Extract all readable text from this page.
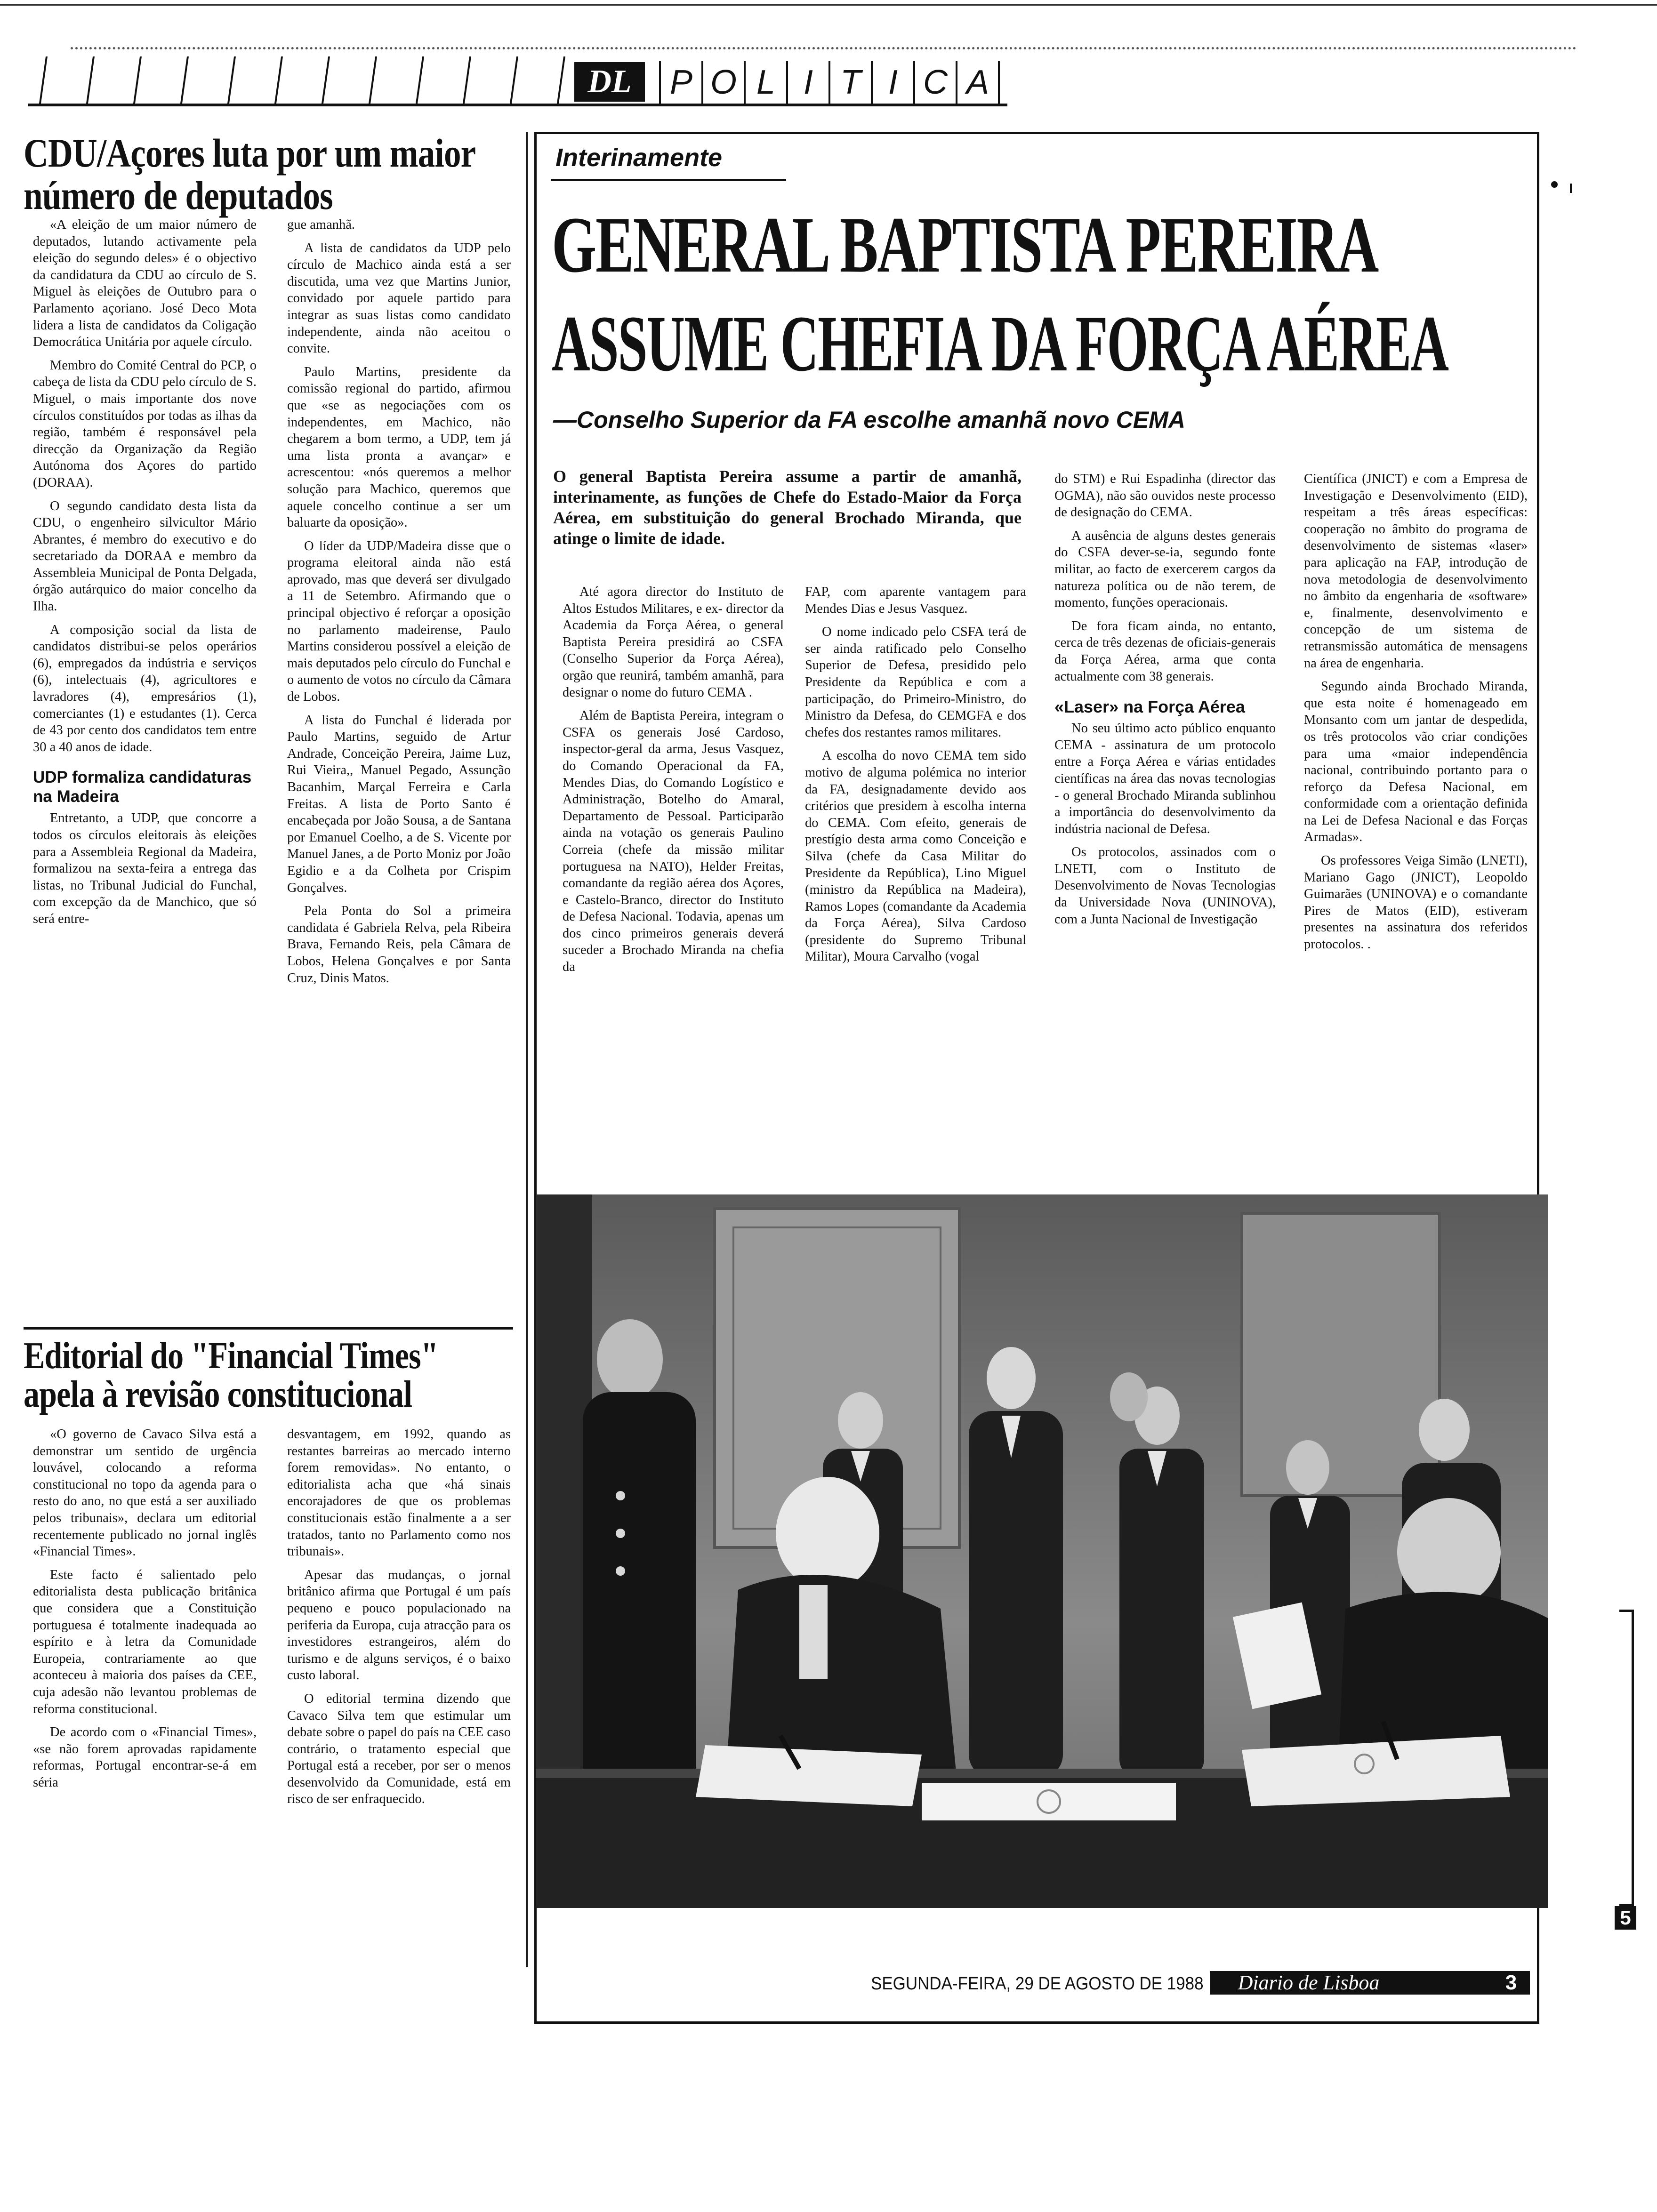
DL	P O L I T I C A
CDU/Açores luta por um maior número de deputados

«A eleição de um maior número de deputados, lutando activamente pela eleição do segundo deles» é o objectivo da candidatura da CDU ao círculo de S. Miguel às eleições de Outubro para o Parlamento açoriano. José Deco Mota lidera a lista de candidatos da Coligação Democrática Unitária por aquele círculo.

Membro do Comité Central do PCP, o cabeça de lista da CDU pelo círculo de S. Miguel, o mais importante dos nove círculos constituídos por todas as ilhas da região, também é responsável pela direcção da Organização da Região Autónoma dos Açores do partido (DORAA).

O segundo candidato desta lista da CDU, o engenheiro silvicultor Mário Abrantes, é membro do executivo e do secretariado da DORAA e membro da Assembleia Municipal de Ponta Delgada, órgão autárquico do maior concelho da Ilha.

A composição social da lista de candidatos distribui-se pelos operários (6), empregados da indústria e serviços (6), intelectuais (4), agricultores e lavradores (4), empresários (1), comerciantes (1) e estudantes (1). Cerca de 43 por cento dos candidatos tem entre 30 a 40 anos de idade.

UDP formaliza candidaturas na Madeira

Entretanto, a UDP, que concorre a todos os círculos eleitorais às eleições para a Assembleia Regional da Madeira, formalizou na sexta-feira a entrega das listas, no Tribunal Judicial do Funchal, com excepção da de Manchico, que só será entre-

gue amanhã.

A lista de candidatos da UDP pelo círculo de Machico ainda está a ser discutida, uma vez que Martins Junior, convidado por aquele partido para integrar as suas listas como candidato independente, ainda não aceitou o convite.

Paulo Martins, presidente da comissão regional do partido, afirmou que «se as negociações com os independentes, em Machico, não chegarem a bom termo, a UDP, tem já uma lista pronta a avançar» e acrescentou: «nós queremos a melhor solução para Machico, queremos que aquele concelho continue a ser um baluarte da oposição».

O líder da UDP/Madeira disse que o programa eleitoral ainda não está aprovado, mas que deverá ser divulgado a 11 de Setembro. Afirmando que o principal objectivo é reforçar a oposição no parlamento madeirense, Paulo Martins considerou possível a eleição de mais deputados pelo círculo do Funchal e o aumento de votos no círculo da Câmara de Lobos.

A lista do Funchal é liderada por Paulo Martins, seguido de Artur Andrade, Conceição Pereira, Jaime Luz, Rui Vieira,, Manuel Pegado, Assunção Bacanhim, Marçal Ferreira e Carla Freitas. A lista de Porto Santo é encabeçada por João Sousa, a de Santana por Emanuel Coelho, a de S. Vicente por Manuel Janes, a de Porto Moniz por João Egidio e a da Colheta por Crispim Gonçalves.

Pela Ponta do Sol a primeira candidata é Gabriela Relva, pela Ribeira Brava, Fernando Reis, pela Câmara de Lobos, Helena Gonçalves e por Santa Cruz, Dinis Matos.

Editorial do "Financial Times" apela à revisão constitucional

«O governo de Cavaco Silva está a demonstrar um sentido de urgência louvável, colocando a reforma constitucional no topo da agenda para o resto do ano, no que está a ser auxiliado pelos tribunais», declara um editorial recentemente publicado no jornal inglês «Financial Times».

Este facto é salientado pelo editorialista desta publicação britânica que considera que a Constituição portuguesa é totalmente inadequada ao espírito e à letra da Comunidade Europeia, contrariamente ao que aconteceu à maioria dos países da CEE, cuja adesão não levantou problemas de reforma constitucional.

De acordo com o «Financial Times», «se não forem aprovadas rapidamente reformas, Portugal encontrar-se-á em séria

desvantagem, em 1992, quando as restantes barreiras ao mercado interno forem removidas». No entanto, o editorialista acha que «há sinais encorajadores de que os problemas constitucionais estão finalmente a a ser tratados, tanto no Parlamento como nos tribunais».

Apesar das mudanças, o jornal britânico afirma que Portugal é um país pequeno e pouco populacionado na periferia da Europa, cuja atracção para os investidores estrangeiros, além do turismo e de alguns serviços, é o baixo custo laboral.

O editorial termina dizendo que Cavaco Silva tem que estimular um debate sobre o papel do país na CEE caso contrário, o tratamento especial que Portugal está a receber, por ser o menos desenvolvido da Comunidade, está em risco de ser enfraquecido.

Interinamente
GENERAL BAPTISTA PEREIRA
ASSUME CHEFIA DA FORÇA AÉREA
—Conselho Superior da FA escolhe amanhã novo CEMA
O general Baptista Pereira assume a partir de amanhã, interinamente, as funções de Chefe do Estado-Maior da Força Aérea, em substituição do general Brochado Miranda, que atinge o limite de idade.

Até agora director do Instituto de Altos Estudos Militares, e ex- director da Academia da Força Aérea, o general Baptista Pereira presidirá ao CSFA (Conselho Superior da Força Aérea), orgão que reunirá, também amanhã, para designar o nome do futuro CEMA .

Além de Baptista Pereira, integram o CSFA os generais José Cardoso, inspector-geral da arma, Jesus Vasquez, do Comando Operacional da FA, Mendes Dias, do Comando Logístico e Administração, Botelho do Amaral, Departamento de Pessoal. Participarão ainda na votação os generais Paulino Correia (chefe da missão militar portuguesa na NATO), Helder Freitas, comandante da região aérea dos Açores, e Castelo-Branco, director do Instituto de Defesa Nacional. Todavia, apenas um dos cinco primeiros generais deverá suceder a Brochado Miranda na chefia da

FAP, com aparente vantagem para Mendes Dias e Jesus Vasquez.

O nome indicado pelo CSFA terá de ser ainda ratificado pelo Conselho Superior de Defesa, presidido pelo Presidente da República e com a participação, do Primeiro-Ministro, do Ministro da Defesa, do CEMGFA e dos chefes dos restantes ramos militares.

A escolha do novo CEMA tem sido motivo de alguma polémica no interior da FA, designadamente devido aos critérios que presidem à escolha interna do CEMA. Com efeito, generais de prestígio desta arma como Conceição e Silva (chefe da Casa Militar do Presidente da República), Lino Miguel (ministro da República na Madeira), Ramos Lopes (comandante da Academia da Força Aérea), Silva Cardoso (presidente do Supremo Tribunal Militar), Moura Carvalho (vogal

do STM) e Rui Espadinha (director das OGMA), não são ouvidos neste processo de designação do CEMA.

A ausência de alguns destes generais do CSFA dever-se-ia, segundo fonte militar, ao facto de exercerem cargos da natureza política ou de não terem, de momento, funções operacionais.

De fora ficam ainda, no entanto, cerca de três dezenas de oficiais-generais da Força Aérea, arma que conta actualmente com 38 generais.

«Laser» na Força Aérea

No seu último acto público enquanto CEMA - assinatura de um protocolo entre a Força Aérea e várias entidades científicas na área das novas tecnologias - o general Brochado Miranda sublinhou a importância do desenvolvimento da indústria nacional de Defesa.

Os protocolos, assinados com o LNETI, com o Instituto de Desenvolvimento de Novas Tecnologias da Universidade Nova (UNINOVA), com a Junta Nacional de Investigação

Científica (JNICT) e com a Empresa de Investigação e Desenvolvimento (EID), respeitam a três áreas específicas: cooperação no âmbito do programa de desenvolvimento de sistemas «laser» para aplicação na FAP, introdução de nova metodologia de desenvolvimento no âmbito da engenharia de «software» e, finalmente, desenvolvimento e concepção de um sistema de retransmissão automática de mensagens na área de engenharia.

Segundo ainda Brochado Miranda, que esta noite é homenageado em Monsanto com um jantar de despedida, os três protocolos vão criar condições para uma «maior independência nacional, contribuindo portanto para o reforço da Defesa Nacional, em conformidade com a orientação definida na Lei de Defesa Nacional e das Forças Armadas».

Os professores Veiga Simão (LNETI), Mariano Gago (JNICT), Leopoldo Guimarães (UNINOVA) e o comandante Pires de Matos (EID), estiveram presentes na assinatura dos referidos protocolos. .

SEGUNDA-FEIRA, 29 DE AGOSTO DE 1988	Diario de Lisboa	3
5
